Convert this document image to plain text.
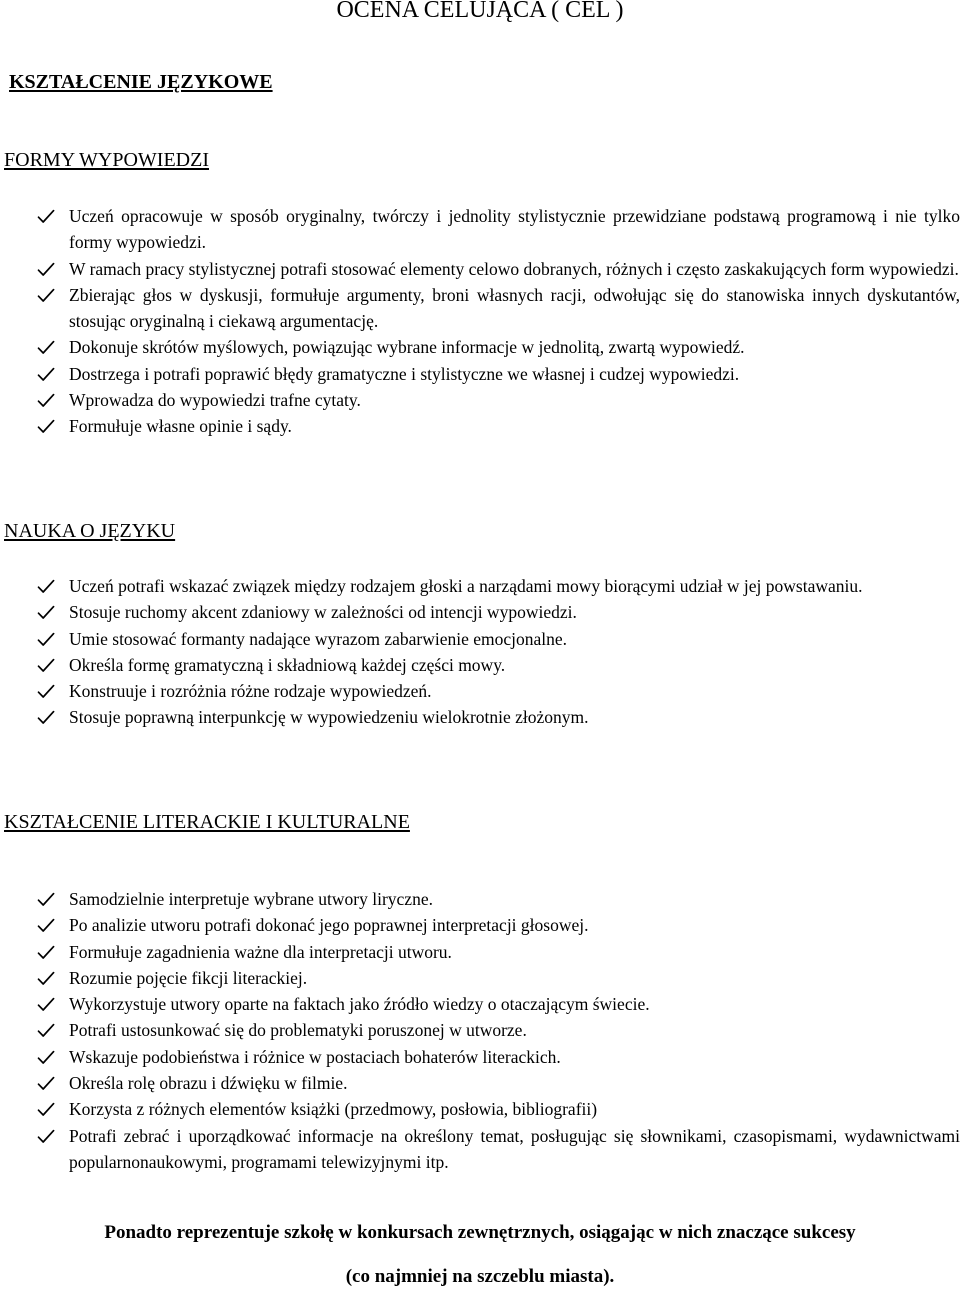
OCENA CELUJĄCA ( CEL )
KSZTAŁCENIE JĘZYKOWE
FORMY WYPOWIEDZI
Uczeń opracowuje w sposób oryginalny, twórczy i jednolity stylistycznie przewidziane podstawą programową i nie tylko formy wypowiedzi.
W ramach pracy stylistycznej potrafi stosować elementy celowo dobranych, różnych i często zaskakujących form wypowiedzi.
Zbierając głos w dyskusji, formułuje argumenty, broni własnych racji, odwołując się do stanowiska innych dyskutantów, stosując oryginalną i ciekawą argumentację.
Dokonuje skrótów myślowych, powiązując wybrane informacje w jednolitą, zwartą wypowiedź.
Dostrzega i potrafi poprawić błędy gramatyczne i stylistyczne we własnej i cudzej wypowiedzi.
Wprowadza do wypowiedzi trafne cytaty.
Formułuje własne opinie i sądy.
NAUKA O JĘZYKU
Uczeń potrafi wskazać związek między rodzajem głoski a narządami mowy biorącymi udział w jej powstawaniu.
Stosuje ruchomy akcent zdaniowy w zależności od intencji wypowiedzi.
Umie stosować formanty nadające wyrazom zabarwienie emocjonalne.
Określa formę gramatyczną i składniową każdej części mowy.
Konstruuje i rozróżnia różne rodzaje wypowiedzeń.
Stosuje poprawną interpunkcję w wypowiedzeniu wielokrotnie złożonym.
KSZTAŁCENIE LITERACKIE I KULTURALNE
Samodzielnie interpretuje wybrane utwory liryczne.
Po analizie utworu potrafi dokonać jego poprawnej interpretacji głosowej.
Formułuje zagadnienia ważne dla interpretacji utworu.
Rozumie pojęcie fikcji literackiej.
Wykorzystuje utwory oparte na faktach jako źródło wiedzy o otaczającym świecie.
Potrafi ustosunkować się do problematyki poruszonej w utworze.
Wskazuje podobieństwa i różnice w postaciach bohaterów literackich.
Określa rolę obrazu i dźwięku w filmie.
Korzysta z różnych elementów książki (przedmowy, posłowia, bibliografii)
Potrafi zebrać i uporządkować informacje na określony temat, posługując się słownikami, czasopismami, wydawnictwami popularnonaukowymi, programami telewizyjnymi itp.
Ponadto reprezentuje szkołę w konkursach zewnętrznych, osiągając w nich znaczące sukcesy
(co najmniej na szczeblu miasta).
